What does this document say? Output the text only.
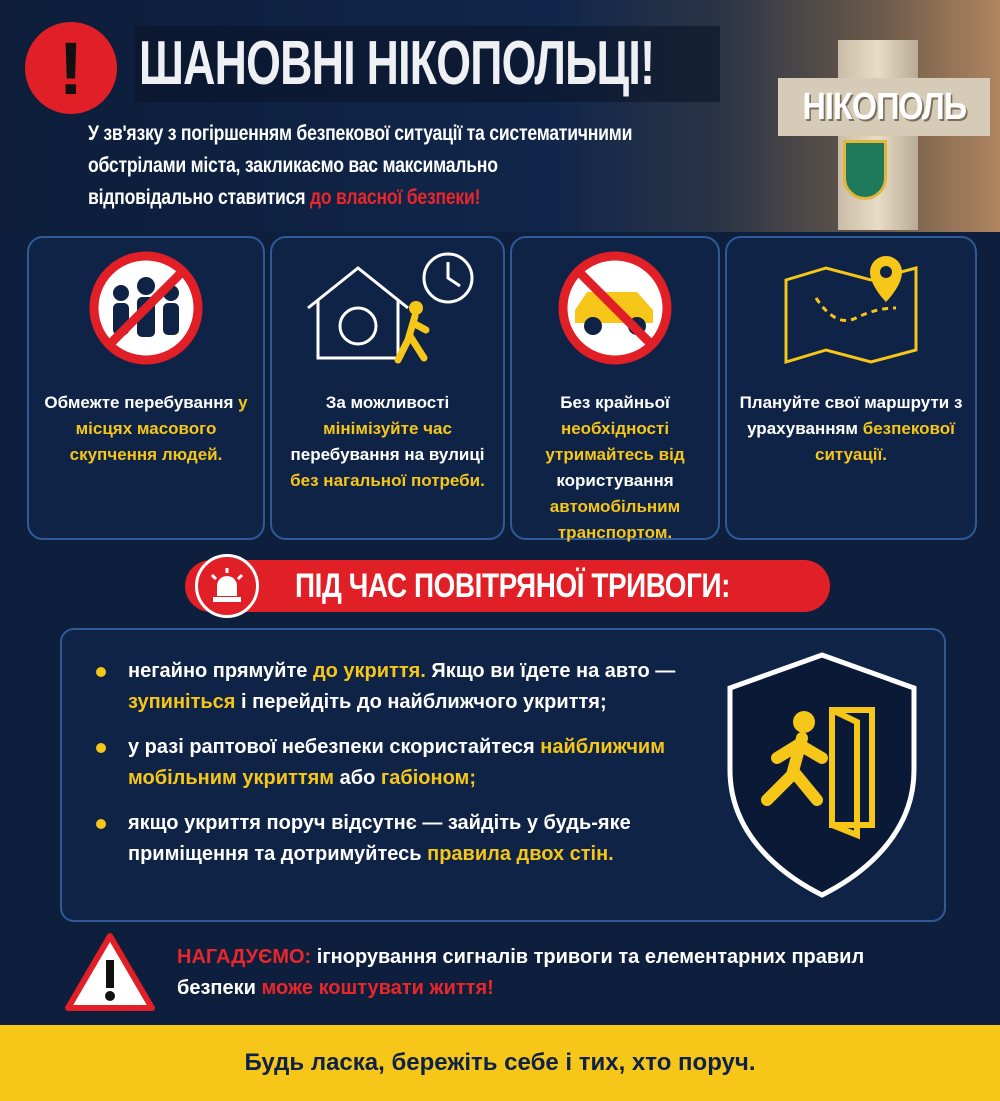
! ШАНОВНІ НІКОПОЛЬЦІ!
У зв'язку з погіршенням безпекової ситуації та систематичними
обстрілами міста, закликаємо вас максимально
відповідально ставитися до власної безпеки!
НІКОПОЛЬ
Обмежте перебування у місцях масового скупчення людей.
За можливості мінімізуйте час перебування на вулиці без нагальної потреби.
Без крайньої необхідності утримайтесь від користування автомобільним транспортом.
Плануйте свої маршрути з урахуванням безпекової ситуації.
ПІД ЧАС ПОВІТРЯНОЇ ТРИВОГИ:
негайно прямуйте до укриття. Якщо ви їдете на авто — зупиніться і перейдіть до найближчого укриття;
у разі раптової небезпеки скористайтеся найближчим мобільним укриттям або габіоном;
якщо укриття поруч відсутнє — зайдіть у будь-яке приміщення та дотримуйтесь правила двох стін.
НАГАДУЄМО: ігнорування сигналів тривоги та елементарних правил безпеки може коштувати життя!
Будь ласка, бережіть себе і тих, хто поруч.
